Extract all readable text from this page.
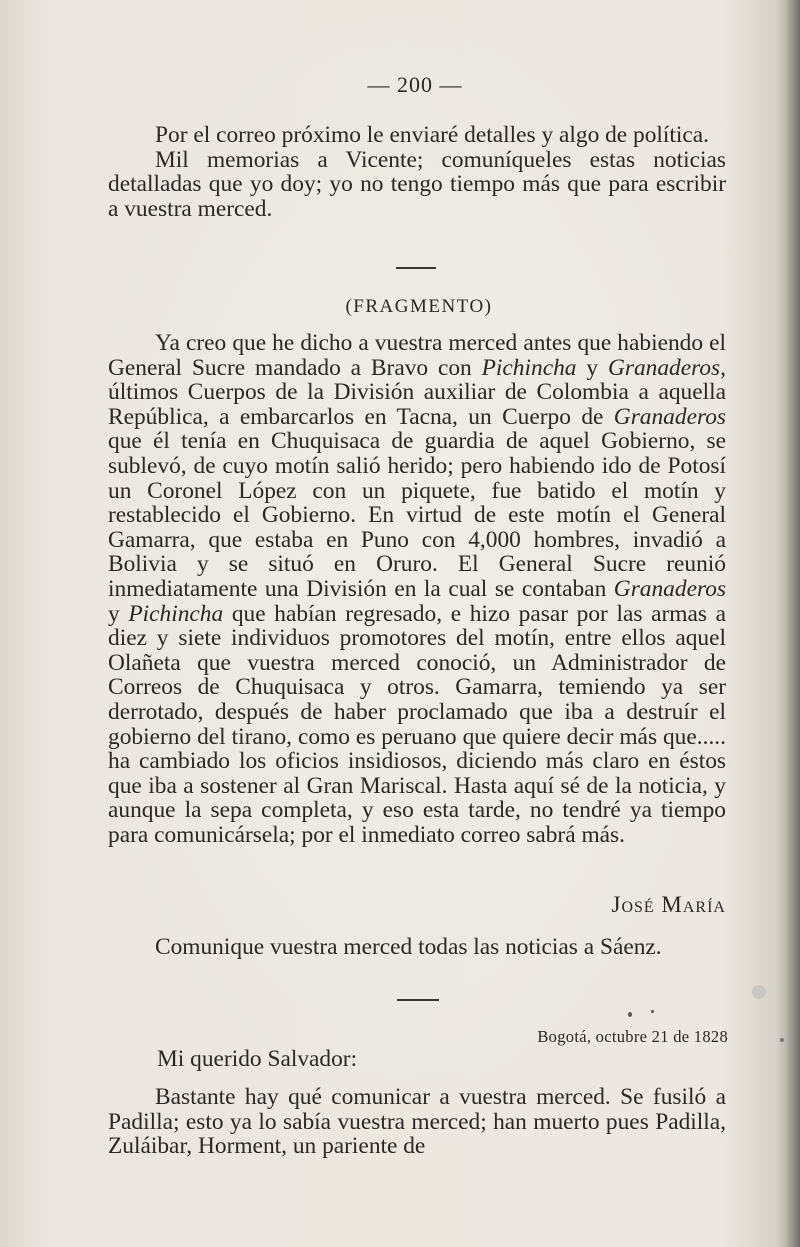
— 200 —

Por el correo próximo le enviaré detalles y algo de política.

Mil memorias a Vicente; comuníqueles estas noticias detalladas que yo doy; yo no tengo tiempo más que para escribir a vuestra merced.

(FRAGMENTO)

Ya creo que he dicho a vuestra merced antes que habiendo el General Sucre mandado a Bravo con Pichincha y Granaderos, últimos Cuerpos de la División auxiliar de Colombia a aquella República, a embarcarlos en Tacna, un Cuerpo de Granaderos que él tenía en Chuquisaca de guardia de aquel Gobierno, se sublevó, de cuyo motín salió herido; pero habiendo ido de Potosí un Coronel López con un piquete, fue batido el motín y restablecido el Gobierno. En virtud de este motín el General Gamarra, que estaba en Puno con 4,000 hombres, invadió a Bolivia y se situó en Oruro. El General Sucre reunió inmediatamente una División en la cual se contaban Granaderos y Pichincha que habían regresado, e hizo pasar por las armas a diez y siete individuos promotores del motín, entre ellos aquel Olañeta que vuestra merced conoció, un Administrador de Correos de Chuquisaca y otros. Gamarra, temiendo ya ser derrotado, después de haber proclamado que iba a destruír el gobierno del tirano, como es peruano que quiere decir más que..... ha cambiado los oficios insidiosos, diciendo más claro en éstos que iba a sostener al Gran Mariscal. Hasta aquí sé de la noticia, y aunque la sepa completa, y eso esta tarde, no tendré ya tiempo para comunicársela; por el inmediato correo sabrá más.

José María

Comunique vuestra merced todas las noticias a Sáenz.

Bogotá, octubre 21 de 1828
Mi querido Salvador:

Bastante hay qué comunicar a vuestra merced. Se fusiló a Padilla; esto ya lo sabía vuestra merced; han muerto pues Padilla, Zuláibar, Horment, un pariente de
